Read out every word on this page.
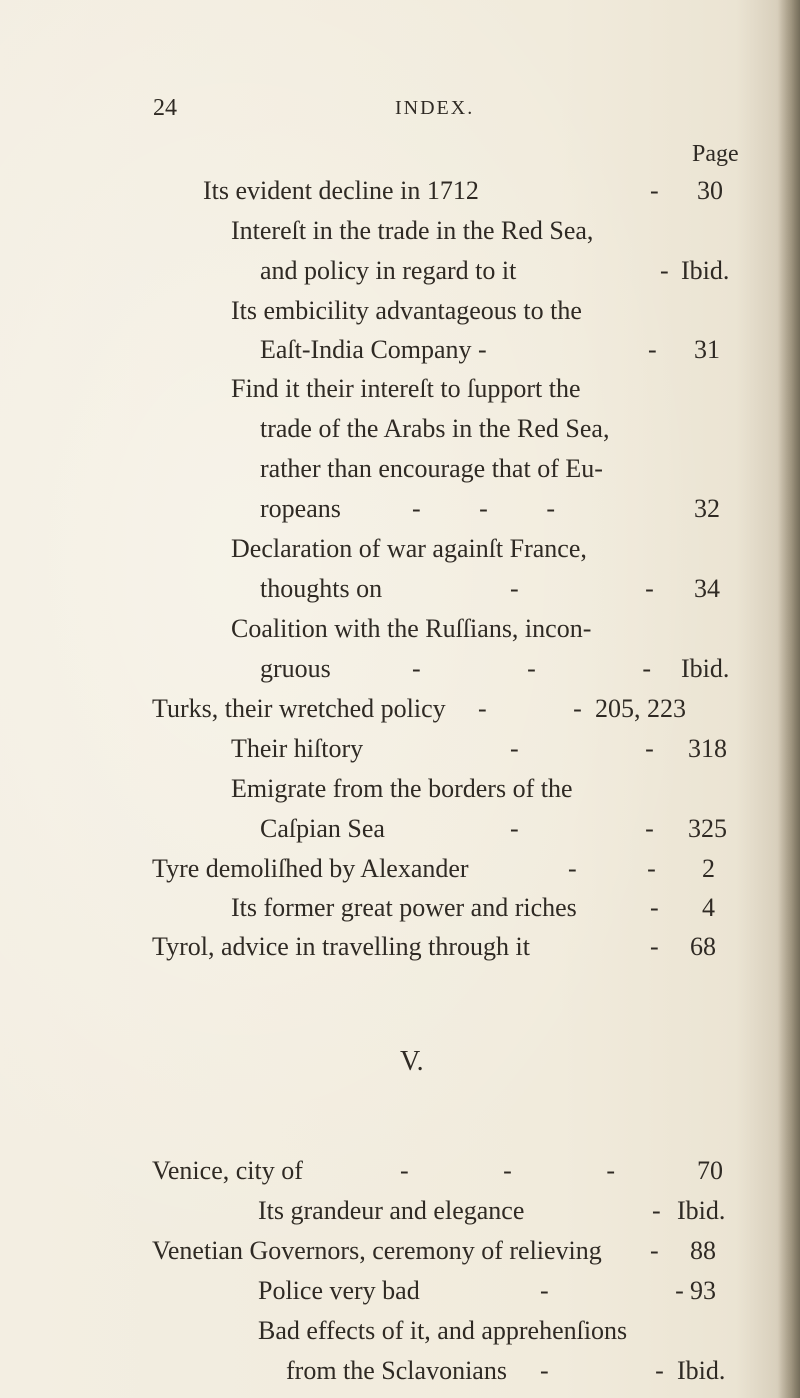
24	INDEX.
Page
Its evident decline in 1712	- 30
Intereſt in the trade in the Red Sea,
and policy in regard to it	- Ibid.
Its embicility advantageous to the
Eaſt-India Company -	- 31
Find it their intereſt to ſupport the
trade of the Arabs in the Red Sea,
rather than encourage that of Eu-
ropeans	- - -	32
Declaration of war againſt France,
thoughts on	- - 34
Coalition with the Ruſſians, incon-
gruous	- - - Ibid.
Turks, their wretched policy - - 205, 223
Their hiſtory	- - 318
Emigrate from the borders of the
Caſpian Sea	- - 325
Tyre demoliſhed by Alexander	- - 2
Its former great power and riches	- 4
Tyrol, advice in travelling through it	- 68
V.
Venice, city of	- - -	70
Its grandeur and elegance	- Ibid.
Venetian Governors, ceremony of relieving - 88
Police very bad	- - 93
Bad effects of it, and apprehenſions
from the Sclavonians - - Ibid.
